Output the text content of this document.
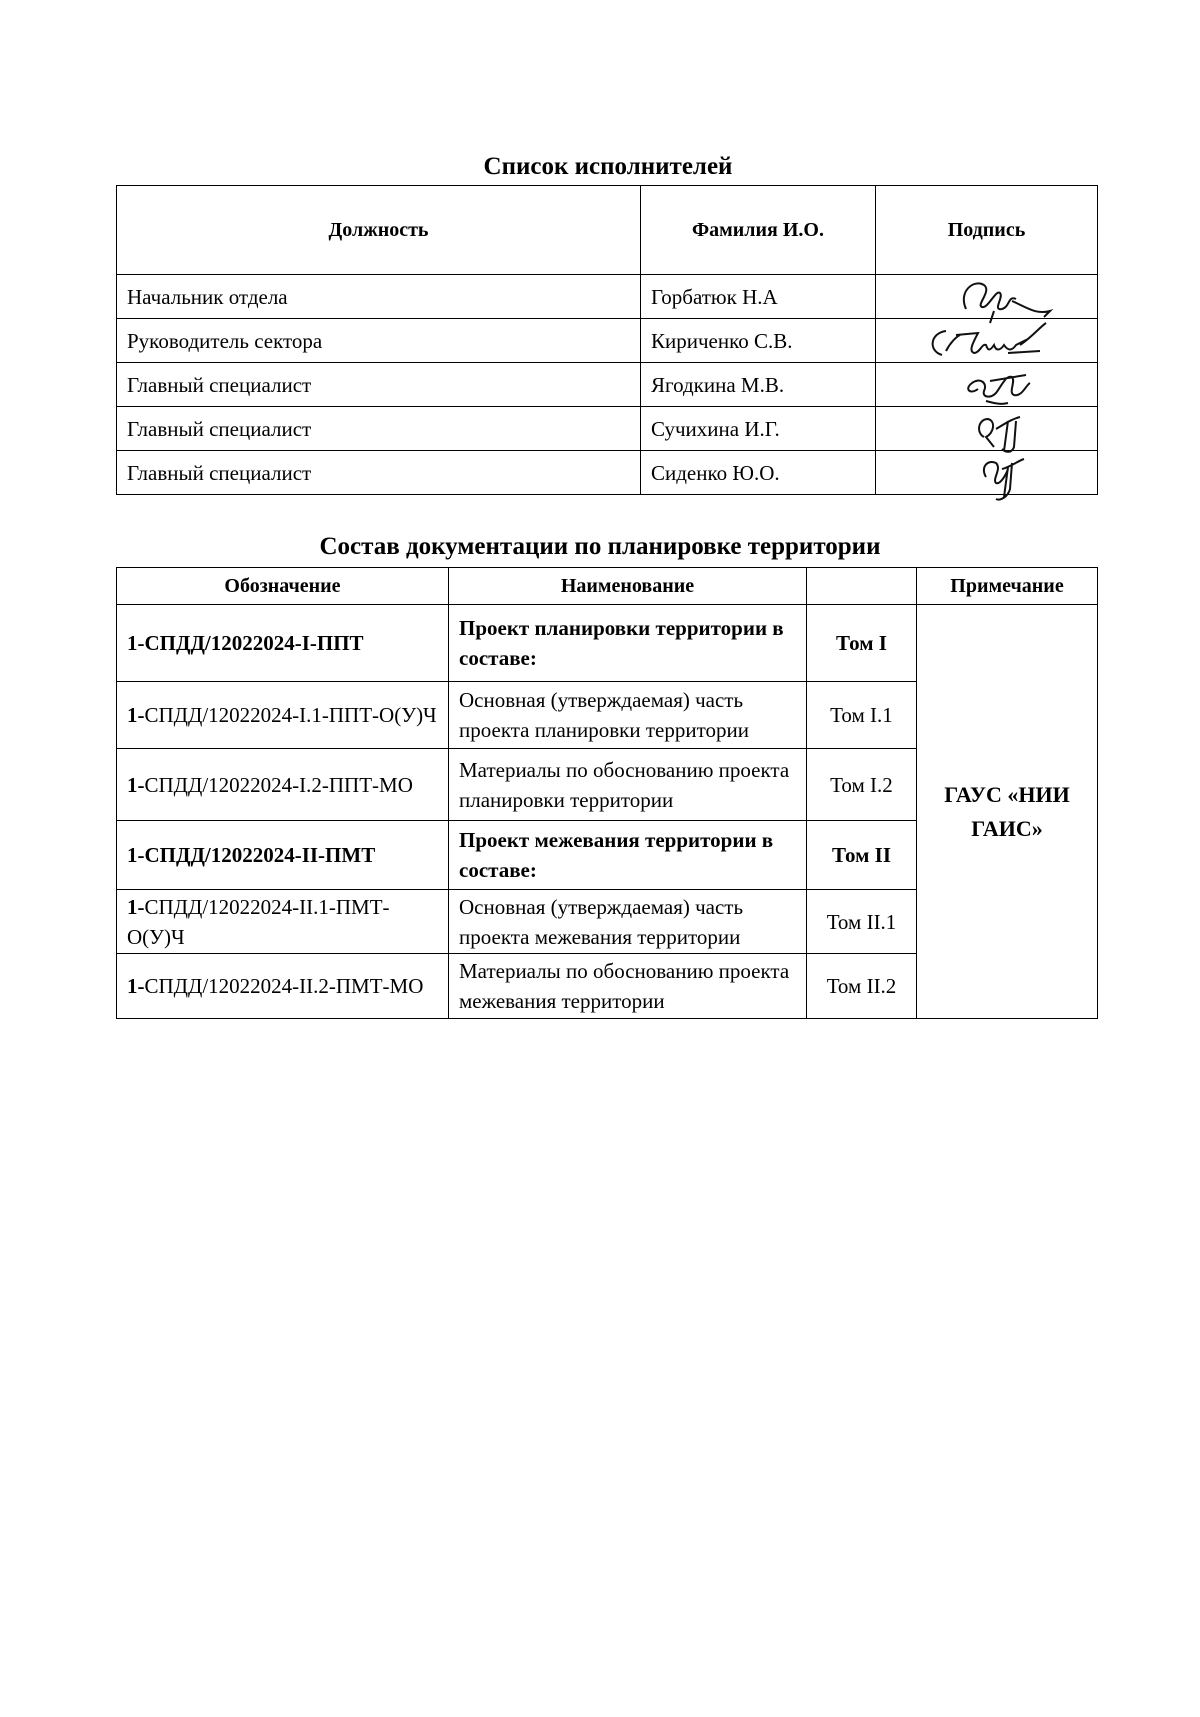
Список исполнителей
Должность	Фамилия И.О.	Подпись
Начальник отдела	Горбатюк Н.А	

Руководитель сектора	Кириченко С.В.	

Главный специалист	Ягодкина М.В.	

Главный специалист	Сучихина И.Г.	

Главный специалист	Сиденко Ю.О.	
Состав документации по планировке территории
Обозначение	Наименование		Примечание
1-СПДД/12022024-I-ППТ	Проект планировки территории в составе:	Том I	ГАУС «НИИ ГАИС»
1-СПДД/12022024-I.1-ППТ-О(У)Ч	Основная (утверждаемая) часть проекта планировки территории	Том I.1	
1-СПДД/12022024-I.2-ППТ-МО	Материалы по обоснованию проекта планировки территории	Том I.2	
1-СПДД/12022024-II-ПМТ	Проект межевания территории в составе:	Том II	
1-СПДД/12022024-II.1-ПМТ-О(У)Ч	Основная (утверждаемая) часть проекта межевания территории	Том II.1	
1-СПДД/12022024-II.2-ПМТ-МО	Материалы по обоснованию проекта межевания территории	Том II.2	
